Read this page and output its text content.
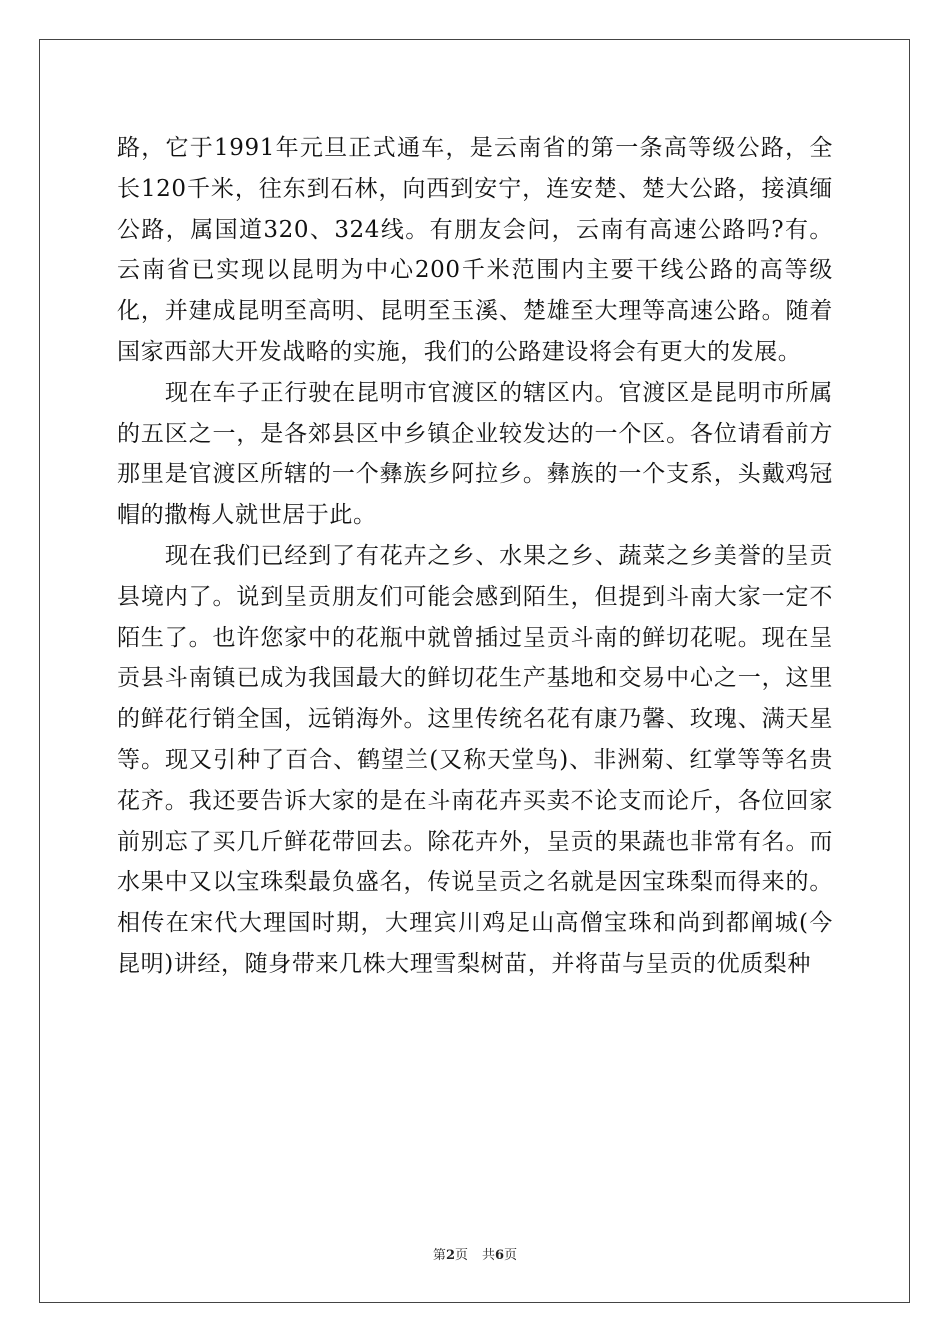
路，它于1991年元旦正式通车，是云南省的第一条高等级公路，全长120千米，往东到石林，向西到安宁，连安楚、楚大公路，接滇缅公路，属国道320、324线。有朋友会问，云南有高速公路吗?有。云南省已实现以昆明为中心200千米范围内主要干线公路的高等级化，并建成昆明至高明、昆明至玉溪、楚雄至大理等高速公路。随着国家西部大开发战略的实施，我们的公路建设将会有更大的发展。

现在车子正行驶在昆明市官渡区的辖区内。官渡区是昆明市所属的五区之一，是各郊县区中乡镇企业较发达的一个区。各位请看前方那里是官渡区所辖的一个彝族乡阿拉乡。彝族的一个支系，头戴鸡冠帽的撒梅人就世居于此。

现在我们已经到了有花卉之乡、水果之乡、蔬菜之乡美誉的呈贡县境内了。说到呈贡朋友们可能会感到陌生，但提到斗南大家一定不陌生了。也许您家中的花瓶中就曾插过呈贡斗南的鲜切花呢。现在呈贡县斗南镇已成为我国最大的鲜切花生产基地和交易中心之一，这里的鲜花行销全国，远销海外。这里传统名花有康乃馨、玫瑰、满天星等。现又引种了百合、鹤望兰(又称天堂鸟)、非洲菊、红掌等等名贵花齐。我还要告诉大家的是在斗南花卉买卖不论支而论斤，各位回家前别忘了买几斤鲜花带回去。除花卉外，呈贡的果蔬也非常有名。而水果中又以宝珠梨最负盛名，传说呈贡之名就是因宝珠梨而得来的。相传在宋代大理国时期，大理宾川鸡足山高僧宝珠和尚到都阐城(今昆明)讲经，随身带来几株大理雪梨树苗，并将苗与呈贡的优质梨种

第2页 共6页
